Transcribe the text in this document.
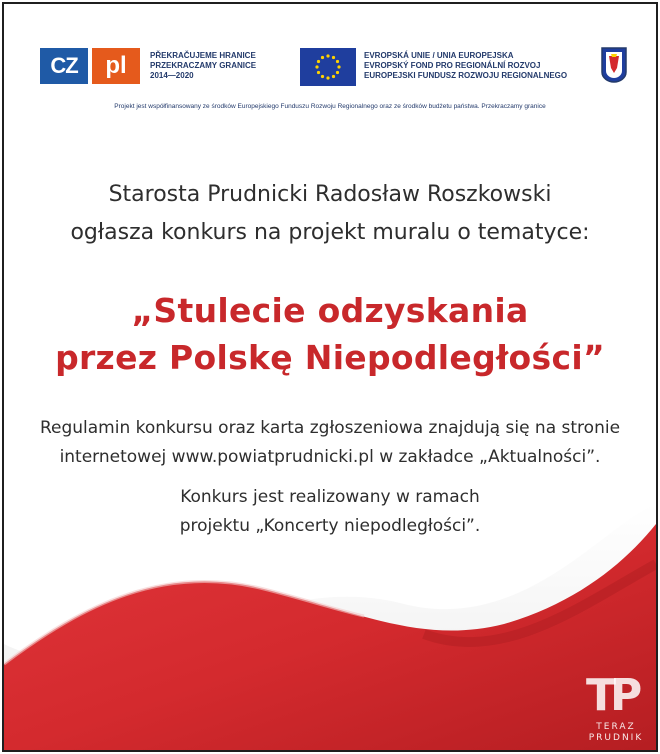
CZ	pl	PŘEKRAČUJEME HRANICE
PRZEKRACZAMY GRANICE
2014—2020
EVROPSKÁ UNIE / UNIA EUROPEJSKA
EVROPSKÝ FOND PRO REGIONÁLNÍ ROZVOJ
EUROPEJSKI FUNDUSZ ROZWOJU REGIONALNEGO
Projekt jest współfinansowany ze środków Europejskiego Funduszu Rozwoju Regionalnego oraz ze środków budżetu państwa. Przekraczamy granice
Starosta Prudnicki Radosław Roszkowski
ogłasza konkurs na projekt muralu o tematyce:
„Stulecie odzyskania
przez Polskę Niepodległości”
Regulamin konkursu oraz karta zgłoszeniowa znajdują się na stronie
internetowej www.powiatprudnicki.pl w zakładce „Aktualności”.
Konkurs jest realizowany w ramach
projektu „Koncerty niepodległości”.
TP
TERAZ
PRUDNIK
